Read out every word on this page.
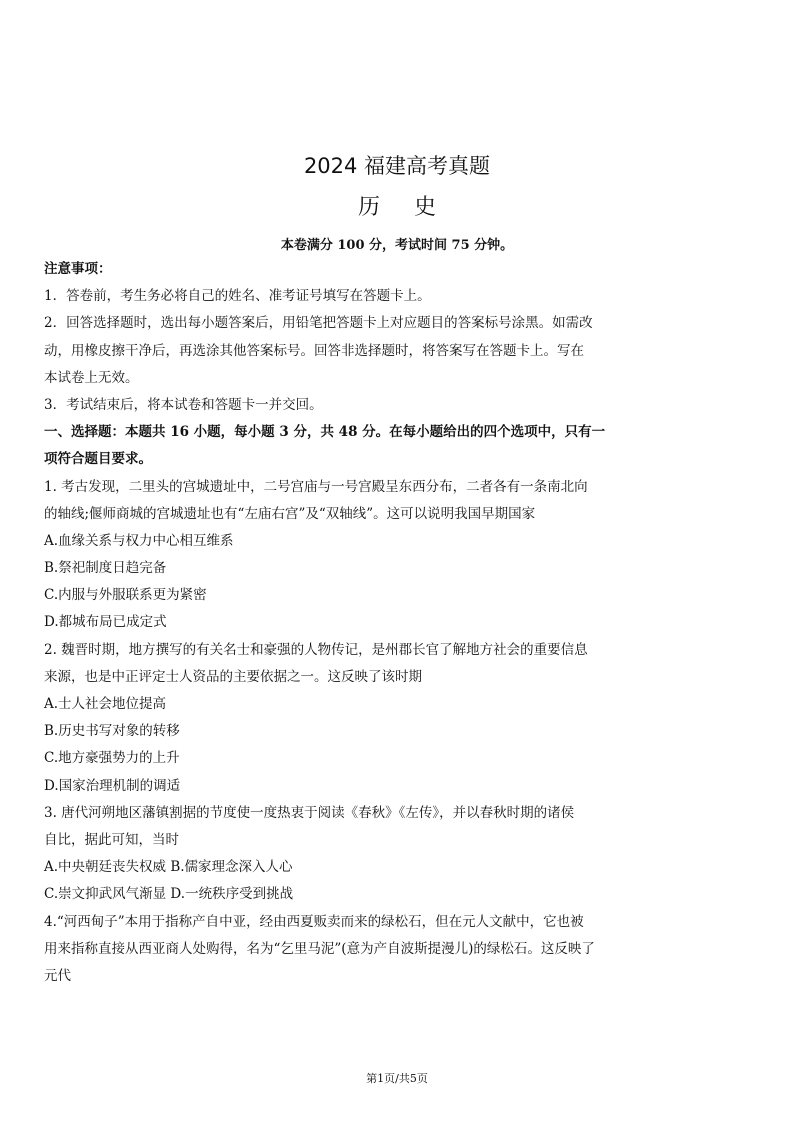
2024 福建高考真题
历 史
本卷满分 100 分，考试时间 75 分钟。
注意事项：
1．答卷前，考生务必将自己的姓名、准考证号填写在答题卡上。
2．回答选择题时，选出每小题答案后，用铅笔把答题卡上对应题目的答案标号涂黑。如需改
动，用橡皮擦干净后，再选涂其他答案标号。回答非选择题时，将答案写在答题卡上。写在
本试卷上无效。
3．考试结束后，将本试卷和答题卡一并交回。
一、选择题：本题共 16 小题，每小题 3 分，共 48 分。在每小题给出的四个选项中，只有一
项符合题目要求。
1. 考古发现，二里头的宫城遗址中，二号宫庙与一号宫殿呈东西分布，二者各有一条南北向
的轴线;偃师商城的宫城遗址也有“左庙右宫”及“双轴线”。这可以说明我国早期国家
A.血缘关系与权力中心相互维系
B.祭祀制度日趋完备
C.内服与外服联系更为紧密
D.都城布局已成定式
2. 魏晋时期，地方撰写的有关名士和豪强的人物传记，是州郡长官了解地方社会的重要信息
来源，也是中正评定士人资品的主要依据之一。这反映了该时期
A.士人社会地位提高
B.历史书写对象的转移
C.地方豪强势力的上升
D.国家治理机制的调适
3. 唐代河朔地区藩镇割据的节度使一度热衷于阅读《春秋》《左传》，并以春秋时期的诸侯
自比，据此可知，当时
A.中央朝廷丧失权威 B.儒家理念深入人心
C.崇文抑武风气渐显 D.一统秩序受到挑战
4.“河西甸子”本用于指称产自中亚，经由西夏贩卖而来的绿松石，但在元人文献中，它也被
用来指称直接从西亚商人处购得，名为“乞里马泥”(意为产自波斯提漫儿)的绿松石。这反映了
元代
第1页/共5页
